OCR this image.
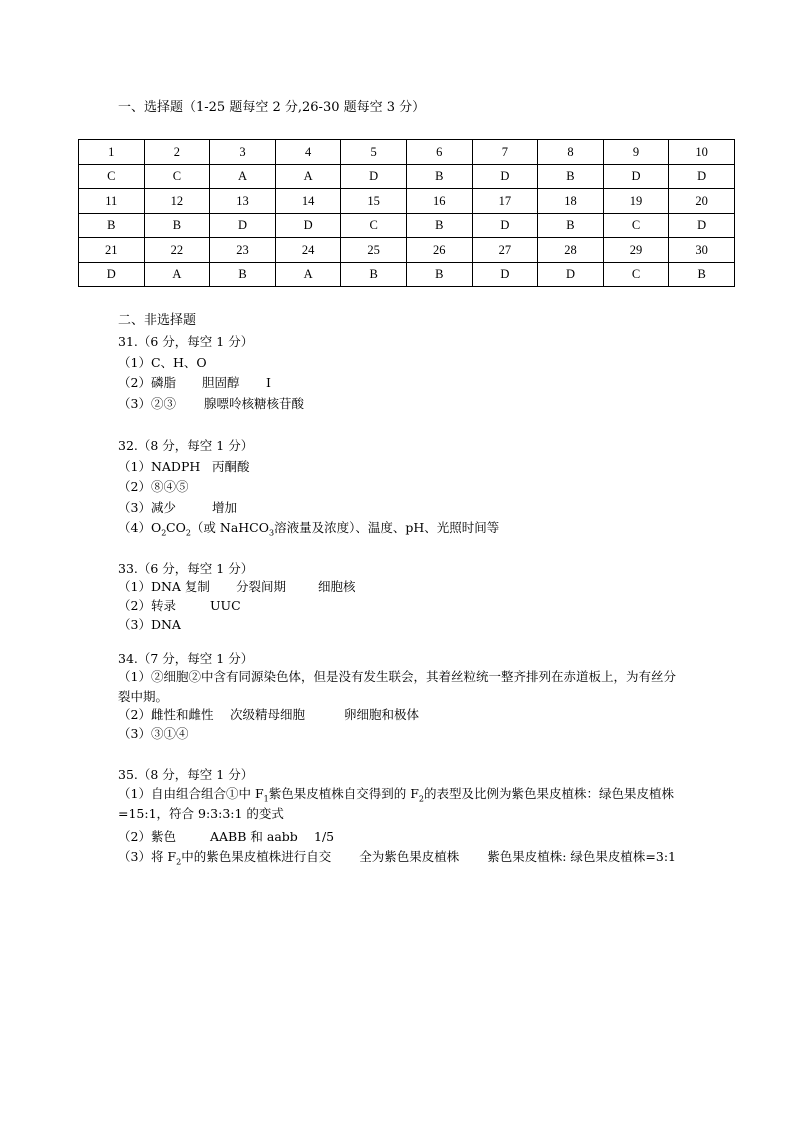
一、选择题（1-25 题每空 2 分,26-30 题每空 3 分）
1	2	3	4	5	6	7	8	9	10
C	C	A	A	D	B	D	B	D	D
11	12	13	14	15	16	17	18	19	20
B	B	D	D	C	B	D	B	C	D
21	22	23	24	25	26	27	28	29	30
D	A	B	A	B	B	D	D	C	B
二、非选择题
31.（6 分，每空 1 分）
（1）C、H、O
（2）磷脂 胆固醇 I
（3）②③ 腺嘌呤核糖核苷酸
32.（8 分，每空 1 分）
（1）NADPH 丙酮酸
（2）⑧④⑤
（3）减少	增加
$(4)O_2CO_2$（或 NaHCO$_3$溶液量及浓度）、温度、pH、光照时间等
33.（6 分，每空 1 分）
（1）DNA 复制 分裂间期	细胞核
（2）转录	UUC
（3）DNA
34.（7 分，每空 1 分）
（1）②细胞②中含有同源染色体，但是没有发生联会，其着丝粒统一整齐排列在赤道板上，为有丝分裂中期。
（2）雌性和雌性 次级精母细胞	卵细胞和极体
（3）③①④
35.（8 分，每空 1 分）
（1）自由组合组合①中 $F_1$紫色果皮植株自交得到的 $F_2$的表型及比例为紫色果皮植株：绿色果皮植株=15:1，符合 9:3:3:1 的变式
（2）紫色	AABB 和 aabb 1/5
（3）将 $F_2$中的紫色果皮植株进行自交 全为紫色果皮植株 紫色果皮植株: 绿色果皮植株=3:1
